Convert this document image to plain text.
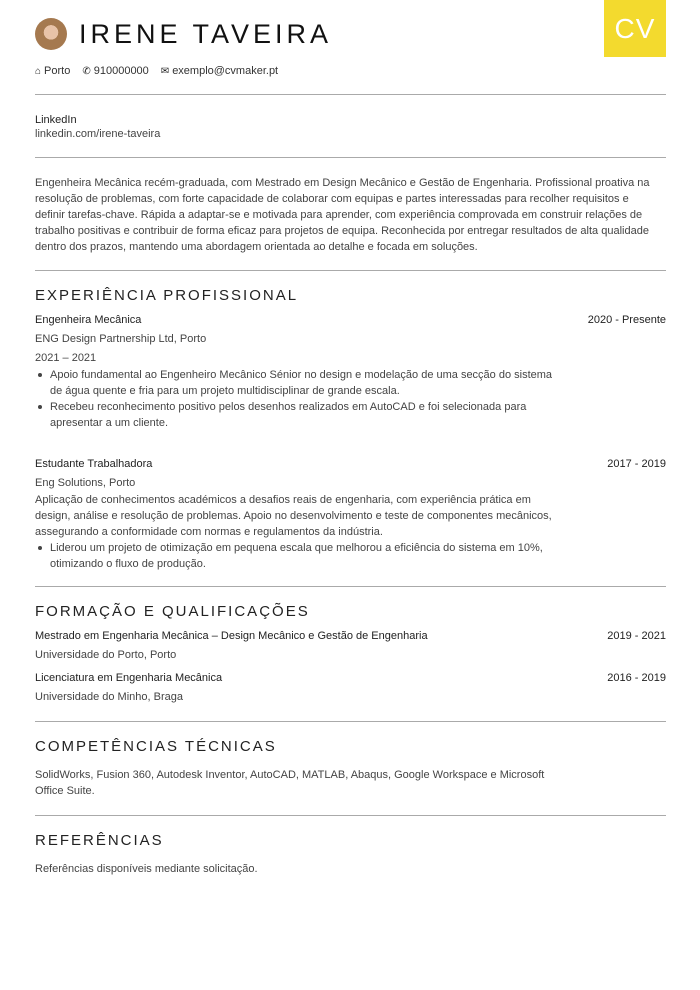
CV
IRENE TAVEIRA
⌂ Porto ✆ 910000000 ✉ exemplo@cvmaker.pt
LinkedIn
linkedin.com/irene-taveira

Engenheira Mecânica recém-graduada, com Mestrado em Design Mecânico e Gestão de Engenharia. Profissional proativa na resolução de problemas, com forte capacidade de colaborar com equipas e partes interessadas para recolher requisitos e definir tarefas-chave. Rápida a adaptar-se e motivada para aprender, com experiência comprovada em construir relações de trabalho positivas e contribuir de forma eficaz para projetos de equipa. Reconhecida por entregar resultados de alta qualidade dentro dos prazos, mantendo uma abordagem orientada ao detalhe e focada em soluções.

EXPERIÊNCIA PROFISSIONAL
Engenheira Mecânica	2020 - Presente
ENG Design Partnership Ltd, Porto
2021 – 2021
Apoio fundamental ao Engenheiro Mecânico Sénior no design e modelação de uma secção do sistema de água quente e fria para um projeto multidisciplinar de grande escala.
Recebeu reconhecimento positivo pelos desenhos realizados em AutoCAD e foi selecionada para apresentar a um cliente.
Estudante Trabalhadora	2017 - 2019
Eng Solutions, Porto

Aplicação de conhecimentos académicos a desafios reais de engenharia, com experiência prática em design, análise e resolução de problemas. Apoio no desenvolvimento e teste de componentes mecânicos, assegurando a conformidade com normas e regulamentos da indústria.

Liderou um projeto de otimização em pequena escala que melhorou a eficiência do sistema em 10%, otimizando o fluxo de produção.
FORMAÇÃO E QUALIFICAÇÕES
Mestrado em Engenharia Mecânica – Design Mecânico e Gestão de Engenharia	2019 - 2021
Universidade do Porto, Porto
Licenciatura em Engenharia Mecânica	2016 - 2019
Universidade do Minho, Braga
COMPETÊNCIAS TÉCNICAS

SolidWorks, Fusion 360, Autodesk Inventor, AutoCAD, MATLAB, Abaqus, Google Workspace e Microsoft Office Suite.

REFERÊNCIAS

Referências disponíveis mediante solicitação.
